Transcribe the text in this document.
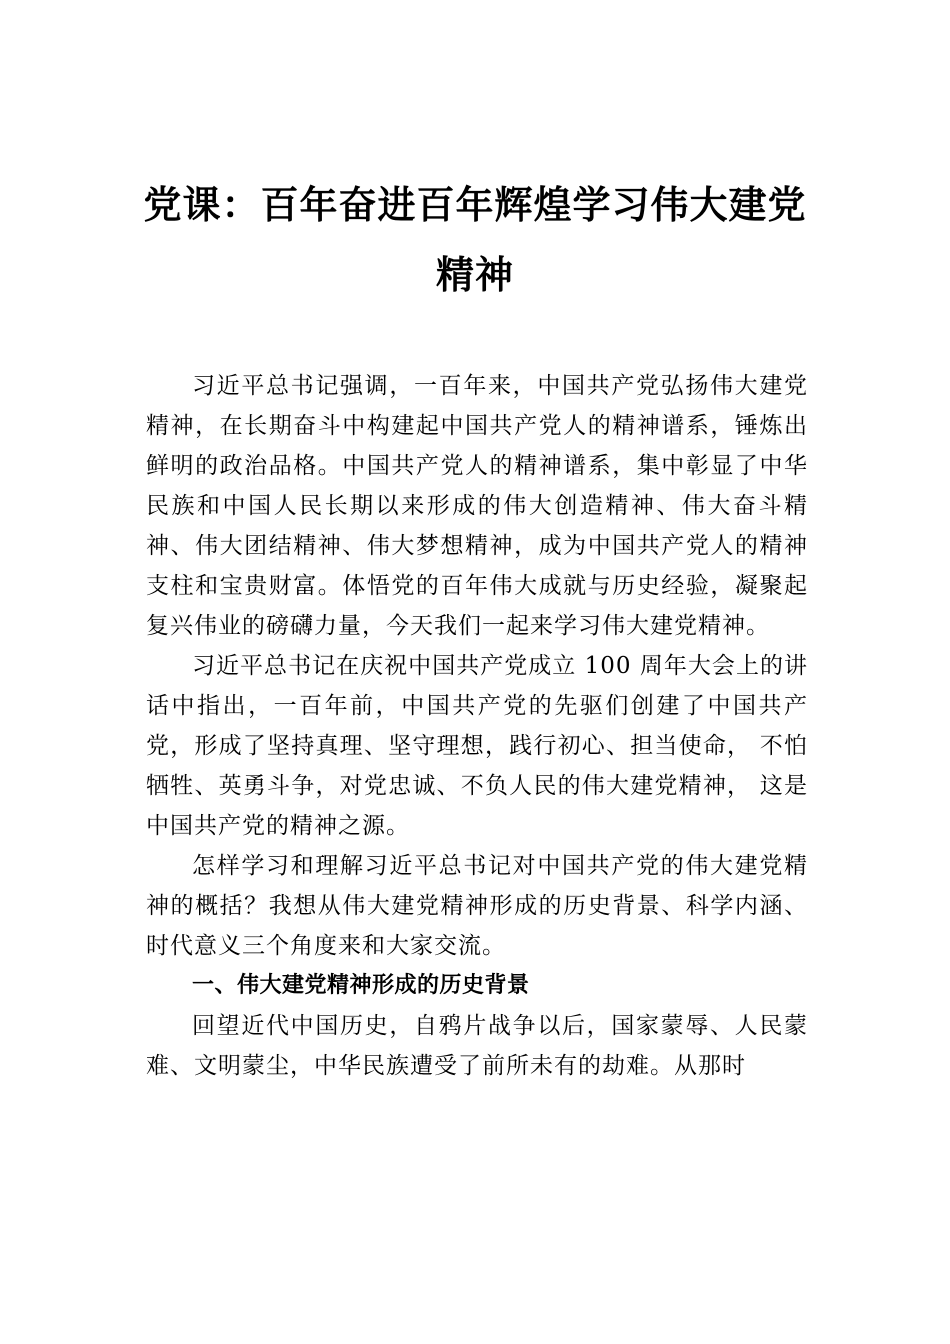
党课：百年奋进百年辉煌学习伟大建党精神

习近平总书记强调，一百年来，中国共产党弘扬伟大建党精神，在长期奋斗中构建起中国共产党人的精神谱系，锤炼出鲜明的政治品格。中国共产党人的精神谱系，集中彰显了中华民族和中国人民长期以来形成的伟大创造精神、伟大奋斗精神、伟大团结精神、伟大梦想精神，成为中国共产党人的精神支柱和宝贵财富。体悟党的百年伟大成就与历史经验，凝聚起复兴伟业的磅礴力量，今天我们一起来学习伟大建党精神。

习近平总书记在庆祝中国共产党成立 100 周年大会上的讲话中指出，一百年前，中国共产党的先驱们创建了中国共产党，形成了坚持真理、坚守理想，践行初心、担当使命， 不怕牺牲、英勇斗争，对党忠诚、不负人民的伟大建党精神， 这是中国共产党的精神之源。

怎样学习和理解习近平总书记对中国共产党的伟大建党精神的概括？我想从伟大建党精神形成的历史背景、科学内涵、时代意义三个角度来和大家交流。

一、伟大建党精神形成的历史背景

回望近代中国历史，自鸦片战争以后，国家蒙辱、人民蒙难、文明蒙尘，中华民族遭受了前所未有的劫难。从那时
